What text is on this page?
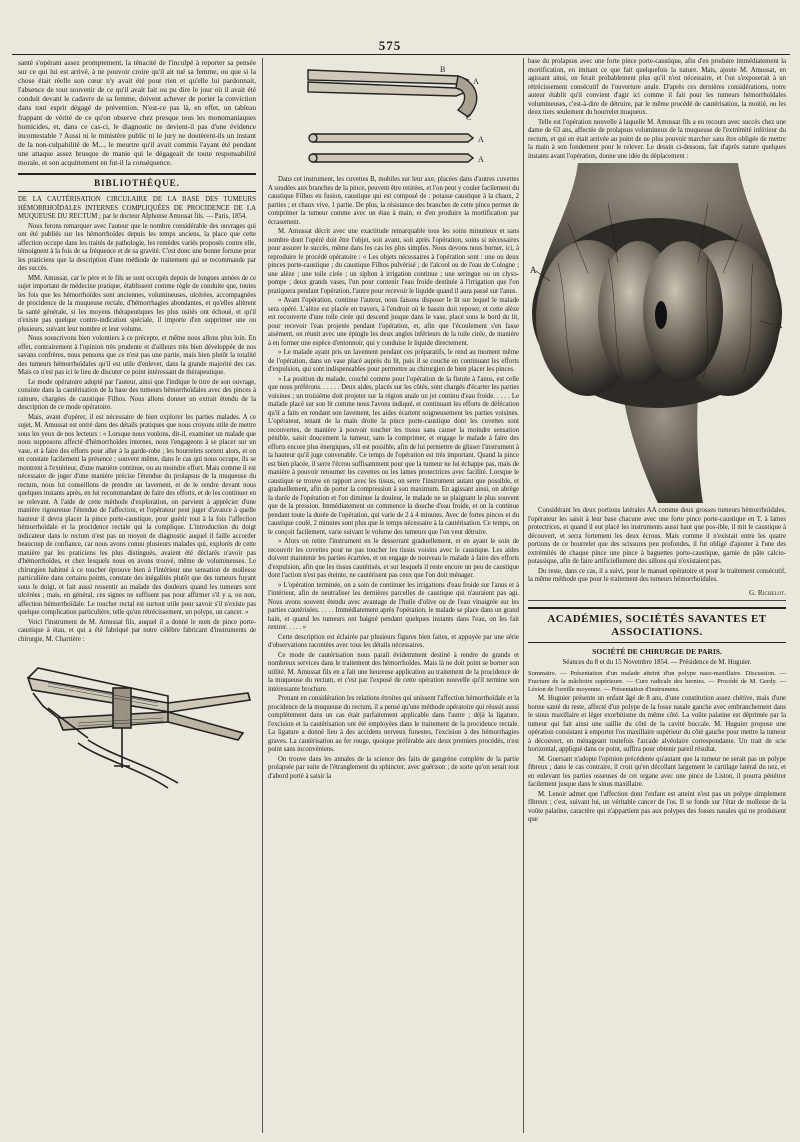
575

santé s'opérant assez promptement, la ténacité de l'inculpé à reporter sa pensée sur ce qui lui est arrivé, à ne pouvoir croire qu'il ait tué sa femme, ou que si la chose était réelle son cœur n'y avait été pour rien et qu'elle lui pardonnait, l'absence de tout souvenir de ce qu'il avait fait ou pu dire le jour où il avait été conduit devant le cadavre de sa femme, doivent achever de porter la conviction dans tout esprit dégagé de prévention. N'est-ce pas là, en effet, un tableau frappant de vérité de ce qu'on observe chez presque tous les monomaniaques homicides, et, dans ce cas-ci, le diagnostic ne devient-il pas d'une évidence incontestable ? Aussi ni le ministère public ni le jury ne doutèrent-ils un instant de la non-culpabilité de M..., le meurtre qu'il avait commis l'ayant été pendant une attaque assez brusque de manie qui le dégageait de toute responsabilité morale, et son acquittement en fut-il la conséquence.

BIBLIOTHÈQUE.

DE LA CAUTÉRISATION CIRCULAIRE DE LA BASE DES TUMEURS HÉMORRHOÏDALES INTERNES COMPLIQUÉES DE PROCIDENCE DE LA MUQUEUSE DU RECTUM ; par le docteur Alphonse Amussat fils. — Paris, 1854.

Nous ferons remarquer avec l'auteur que le nombre considérable des ouvrages qui ont été publiés sur les hémorrhoïdes depuis les temps anciens, la place que cette affection occupe dans les traités de pathologie, les remèdes variés proposés contre elle, témoignent à la fois de sa fréquence et de sa gravité. C'est donc une bonne fortune pour les praticiens que la description d'une méthode de traitement qui se recommande par des succès.

MM. Amussat, car le père et le fils se sont occupés depuis de longues années de ce sujet important de médecine pratique, établissent comme règle de conduite que, toutes les fois que les hémorrhoïdes sont anciennes, volumineuses, ulcérées, accompagnées de procidence de la muqueuse rectale, d'hémorrhagies abondantes, et qu'elles altèrent la santé générale, si les moyens thérapeutiques les plus usités ont échoué, et qu'il n'existe pas quelque contre-indication spéciale, il importe d'en supprimer une ou plusieurs, suivant leur nombre et leur volume.

Nous souscrivons bien volontiers à ce précepte, et même nous allons plus loin. En effet, contrairement à l'opinion très prudente et d'ailleurs très bien développée de nos savans confrères, nous pensons que ce n'est pas une partie, mais bien plutôt la totalité des tumeurs hémorrhoïdales qu'il est utile d'enlever, dans la grande majorité des cas. Mais ce n'est pas ici le lieu de discuter ce point intéressant de thérapeutique.

Le mode opératoire adopté par l'auteur, ainsi que l'indique le titre de son ouvrage, consiste dans la cautérisation de la base des tumeurs hémorrhoïdales avec des pinces à rainure, chargées de caustique Filhos. Nous allons donner un extrait étendu de la description de ce mode opératoire.

Mais, avant d'opérer, il est nécessaire de bien explorer les parties malades. A ce sujet, M. Amussat est entré dans des détails pratiques que nous croyons utile de mettre sous les yeux de nos lecteurs : « Lorsque nous voulons, dit-il, examiner un malade que nous supposons affecté d'hémorrhoïdes internes, nous l'engageons à se placer sur un vase, et à faire des efforts pour aller à la garde-robe ; les bourrelets sortent alors, et on en constate facilement la présence ; souvent même, dans le cas qui nous occupe, ils se montrent à l'extérieur, d'une manière continue, ou au moindre effort. Mais comme il est nécessaire de juger d'une manière précise l'étendue du prolapsus de la muqueuse du rectum, nous lui conseillons de prendre un lavement, et de le rendre devant nous quelques instants après, en lui recommandant de faire des efforts, et de les continuer en se relevant. A l'aide de cette méthode d'exploration, on parvient à apprécier d'une manière rigoureuse l'étendue de l'affection, et l'opérateur peut juger d'avance à quelle hauteur il devra placer la pince porte-caustique, pour guérir tout à la fois l'affection hémorrhoïdale et la procidence rectale qui la complique. L'introduction du doigt indicateur dans le rectum n'est pas un moyen de diagnostic auquel il faille accorder beaucoup de confiance, car nous avons connu plusieurs malades qui, explorés de cette manière par les praticiens les plus distingués, avaient été déclarés n'avoir pas d'hémorrhoïdes, et chez lesquels nous en avons trouvé, même de volumineuses. Le chirurgien habitué à ce toucher éprouve bien à l'intérieur une sensation de mollesse particulière dans certains points, constate des inégalités plutôt que des tumeurs fuyant sous le doigt, et fait aussi ressentir au malade des douleurs quand les tumeurs sont ulcérées ; mais, en général, ces signes ne suffisent pas pour affirmer s'il y a, ou non, affection hémorrhoïdale. Le toucher rectal est surtout utile pour savoir s'il n'existe pas quelque complication particulière, telle qu'un rétrécissement, un polype, un cancer. »

Voici l'instrument de M. Amussat fils, auquel il a donné le nom de pince porte-caustique à étau, et qui a été fabriqué par notre célèbre fabricant d'instruments de chirurgie, M. Charrière :

B
A
A
A
C

Dans cet instrument, les cuvettes B, mobiles sur leur axe, placées dans d'autres cuvettes A soudées aux branches de la pince, peuvent être retirées, et l'on peut y couler facilement du caustique Filhos en fusion, caustique qui est composé de : potasse caustique à la chaux, 2 parties ; et chaux vive, 1 partie. De plus, la résistance des branches de cette pince permet de comprimer la tumeur comme avec un étau à main, et d'en produire la mortification par écrasement.

M. Amussat décrit avec une exactitude remarquable tous les soins minutieux et sans nombre dont l'opéré doit être l'objet, soit avant, soit après l'opération, soins si nécessaires pour assurer le succès, même dans les cas les plus simples. Nous devons nous borner, ici, à reproduire le procédé opératoire : « Les objets nécessaires à l'opération sont : une ou deux pinces porte-caustique ; du caustique Filhos pulvérisé ; de l'alcool ou de l'eau de Cologne ; une alèze ; une toile cirée ; un siphon à irrigation continue ; une seringue ou un clyso-pompe ; deux grands vases, l'un pour contenir l'eau froide destinée à l'irrigation que l'on pratiquera pendant l'opération, l'autre pour recevoir le liquide quand il aura passé sur l'anus.

» Avant l'opération, continue l'auteur, nous faisons disposer le lit sur lequel le malade sera opéré. L'alèze est placée en travers, à l'endroit où le bassin doit reposer, et cette alèze est recouverte d'une toile cirée qui descend jusque dans le vase, placé sous le bord du lit, pour recevoir l'eau projetée pendant l'opération, et, afin que l'écoulement s'en fasse aisément, on réunit avec une épingle les deux angles inférieurs de la toile cirée, de manière à en former une espèce d'entonnoir, qui y conduise le liquide directement.

» Le malade ayant pris un lavement pendant ces préparatifs, le rend au moment même de l'opération, dans un vase placé auprès du lit, puis il se couche en continuant les efforts d'expulsion, qui sont indispensables pour permettre au chirurgien de bien placer les pinces.

» La position du malade, couché comme pour l'opération de la fistule à l'anus, est celle que nous préférons. . . . . . Deux aides, placés sur les côtés, sont chargés d'écarter les parties voisines ; un troisième doit projeter sur la région anale un jet continu d'eau froide. . . . . Le malade placé sur son lit comme nous l'avons indiqué, et continuant les efforts de défécation qu'il a faits en rendant son lavement, les aides écartent soigneusement les parties voisines. L'opérateur, tenant de la main droite la pince porte-caustique dont les cuvettes sont recouvertes, de manière à pouvoir toucher les tissus sans causer la moindre sensation pénible, saisit doucement la tumeur, sans la comprimer, et engage le malade à faire des efforts encore plus énergiques, s'il est possible, afin de lui permettre de glisser l'instrument à la hauteur qu'il juge convenable. Ce temps de l'opération est très important. Quand la pince est bien placée, il serre l'écrou suffisamment pour que la tumeur ne lui échappe pas, mais de manière à pouvoir retourner les cuvettes ou les lames protectrices avec facilité. Lorsque le caustique se trouve en rapport avec les tissus, on serre l'instrument autant que possible, et graduellement, afin de porter la compression à son maximum. En agissant ainsi, on abrège la durée de l'opération et l'on diminue la douleur, le malade ne se plaignant le plus souvent que de la pression. Immédiatement on commence la douche d'eau froide, et on la continue pendant toute la durée de l'opération, qui varie de 2 à 4 minutes. Avec de fortes pinces et du caustique coulé, 2 minutes sont plus que le temps nécessaire à la cautérisation. Ce temps, on le conçoit facilement, varie suivant le volume des tumeurs que l'on veut détruire.

» Alors on retire l'instrument en le desserrant graduellement, et en ayant le soin de recouvrir les cuvettes pour ne pas toucher les tissus voisins avec le caustique. Les aides doivent maintenir les parties écartées, et on engage de nouveau le malade à faire des efforts d'expulsion, afin que les tissus cautérisés, et sur lesquels il reste encore un peu de caustique dont l'action n'est pas éteinte, ne cautérisent pas ceux que l'on doit ménager.

» L'opération terminée, on a soin de continuer les irrigations d'eau froide sur l'anus et à l'intérieur, afin de neutraliser les dernières parcelles de caustique qui n'auraient pas agi. Nous avons souvent étendu avec avantage de l'huile d'olive ou de l'eau vinaigrée sur les parties cautérisées. . . . . Immédiatement après l'opération, le malade se place dans un grand bain, et quand les tumeurs ont baigné pendant quelques instants dans l'eau, on les fait rentrer. . . . . »

Cette description est éclairée par plusieurs figures bien faites, et appuyée par une série d'observations racontées avec tous les détails nécessaires.

Ce mode de cautérisation nous paraît évidemment destiné à rendre de grands et nombreux services dans le traitement des hémorrhoïdes. Mais là ne doit point se borner son utilité. M. Amussat fils en a fait une heureuse application au traitement de la procidence de la muqueuse du rectum, et c'est par l'exposé de cette opération nouvelle qu'il termine son intéressante brochure.

Prenant en considération les relations étroites qui unissent l'affection hémorrhoïdale et la procidence de la muqueuse du rectum, il a pensé qu'une méthode opératoire qui réussit aussi complètement dans un cas était parfaitement applicable dans l'autre ; déjà la ligature, l'excision et la cautérisation ont été employées dans le traitement de la procidence rectale. La ligature a donné lieu à des accidens nerveux funestes, l'excision à des hémorrhagies graves. La cautérisation au fer rouge, quoique préférable aux deux premiers procédés, n'est point sans inconvéniens.

On trouve dans les annales de la science des faits de gangrène complète de la partie prolapsée par suite de l'étranglement du sphincter, avec guérison ; de sorte qu'on serait tout d'abord porté à saisir la

base du prolapsus avec une forte pince porte-caustique, afin d'en produire immédiatement la mortification, en imitant ce que fait quelquefois la nature. Mais, ajoute M. Amussat, en agissant ainsi, on ferait probablement plus qu'il n'est nécessaire, et l'on s'exposerait à un rétrécissement consécutif de l'ouverture anale. D'après ces dernières considérations, notre auteur établit qu'il convient d'agir ici comme il fait pour les tumeurs hémorrhoïdales volumineuses, c'est-à-dire de détruire, par le même procédé de cautérisation, la moitié, ou les deux tiers seulement du bourrelet muqueux.

Telle est l'opération nouvelle à laquelle M. Amussat fils a eu recours avec succès chez une dame de 63 ans, affectée de prolapsus volumineux de la muqueuse de l'extrémité inférieur du rectum, et qui en était arrivée au point de ne plus pouvoir marcher sans être obligée de mettre la main à son fondement pour le relever. Le dessin ci-dessous, fait d'après nature quelques instants avant l'opération, donne une idée du déplacement :

A
A

Considérant les deux portions latérales AA comme deux grosses tumeurs hémorrhoïdales, l'opérateur les saisit à leur base chacune avec une forte pince porte-caustique en T, à lames protectrices, et quand il eut placé les instruments aussi haut que pos-ible, il mit le caustique à découvert, et serra fortement les deux écrous. Mais comme il n'existait entre les quatre portions de ce bourrelet que des scissures peu profondes, il fut obligé d'ajouter à l'une des extrémités de chaque pince une pince à baguettes porte-caustique, garnie de pâte calcio-potassique, afin de faire artificiellement des sillons qui n'existaient pas.

Du reste, dans ce cas, il a suivi, pour le manuel opératoire et pour le traitement consécutif, la même méthode que pour le traitement des tumeurs hémorrhoïdales.

G. Richelot.
ACADÉMIES, SOCIÉTÉS SAVANTES ET ASSOCIATIONS.
SOCIÉTÉ DE CHIRURGIE DE PARIS.
Séances du 8 et du 15 Novembre 1854. — Présidence de M. Huguier.

Sommaire. — Présentation d'un malade atteint d'un polype naso-maxillaire. Discussion. — Fracture de la mâchoire supérieure. — Cure radicale des hernies. — Procédé de M. Gerdy. — Lésion de l'oreille moyenne. — Présentation d'instrumens.

M. Huguier présente un enfant âgé de 8 ans, d'une constitution assez chétive, mais d'une bonne santé du reste, affecté d'un polype de la fosse nasale gauche avec embranchement dans le sinus maxillaire et léger exorbitisme du même côté. La voûte palatine est déprimée par la tumeur qui fait ainsi une saillie du côté de la cavité buccale. M. Huguier propose une opération consistant à emporter l'os maxillaire supérieur du côté gauche pour mettre la tumeur à découvert, en ménageant toutefois l'arcade alvéolaire correspondante. Un trait de scie horizontal, appliqué dans ce point, suffira pour obtenir pareil résultat.

M. Guersant n'adopte l'opinion précédente qu'autant que la tumeur ne serait pas un polype fibreux ; dans le cas contraire, il croit qu'en décollant largement le cartilage latéral du nez, et en enlevant les parties osseuses de cet organe avec une pince de Liston, il pourra pénétrer facilement jusque dans le sinus maxillaire.

M. Lenoir admet que l'affection dont l'enfant est atteint n'est pas un polype simplement fibreux ; c'est, suivant lui, un véritable cancer de l'os. Il se fonde sur l'état de mollesse de la voûte palatine, caractère qui n'appartient pas aux polypes des fosses nasales qui ne produisent que
